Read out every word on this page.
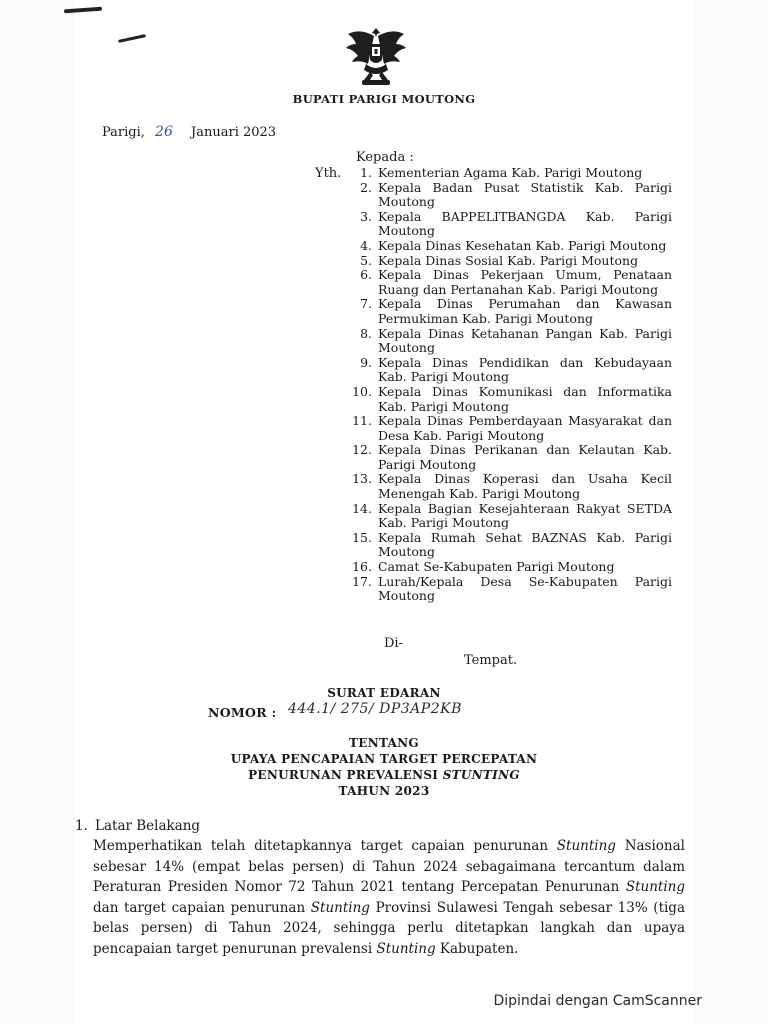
BUPATI PARIGI MOUTONG
Parigi, 26 Januari 2023
Kepada :
Yth.	1. Kementerian Agama Kab. Parigi Moutong
2. Kepala Badan Pusat Statistik Kab. Parigi Moutong
3. Kepala BAPPELITBANGDA Kab. Parigi Moutong
4. Kepala Dinas Kesehatan Kab. Parigi Moutong
5. Kepala Dinas Sosial Kab. Parigi Moutong
6. Kepala Dinas Pekerjaan Umum, Penataan Ruang dan Pertanahan Kab. Parigi Moutong
7. Kepala Dinas Perumahan dan Kawasan Permukiman Kab. Parigi Moutong
8. Kepala Dinas Ketahanan Pangan Kab. Parigi Moutong
9. Kepala Dinas Pendidikan dan Kebudayaan Kab. Parigi Moutong
10. Kepala Dinas Komunikasi dan Informatika Kab. Parigi Moutong
11. Kepala Dinas Pemberdayaan Masyarakat dan Desa Kab. Parigi Moutong
12. Kepala Dinas Perikanan dan Kelautan Kab. Parigi Moutong
13. Kepala Dinas Koperasi dan Usaha Kecil Menengah Kab. Parigi Moutong
14. Kepala Bagian Kesejahteraan Rakyat SETDA Kab. Parigi Moutong
15. Kepala Rumah Sehat BAZNAS Kab. Parigi Moutong
16. Camat Se-Kabupaten Parigi Moutong
17. Lurah/Kepala Desa Se-Kabupaten Parigi Moutong
Di-
Tempat.
SURAT EDARAN
NOMOR : 444.1/ 275/ DP3AP2KB
TENTANG
UPAYA PENCAPAIAN TARGET PERCEPATAN
PENURUNAN PREVALENSI STUNTING
TAHUN 2023
1. Latar Belakang

Memperhatikan telah ditetapkannya target capaian penurunan Stunting Nasional sebesar 14% (empat belas persen) di Tahun 2024 sebagaimana tercantum dalam Peraturan Presiden Nomor 72 Tahun 2021 tentang Percepatan Penurunan Stunting dan target capaian penurunan Stunting Provinsi Sulawesi Tengah sebesar 13% (tiga belas persen) di Tahun 2024, sehingga perlu ditetapkan langkah dan upaya pencapaian target penurunan prevalensi Stunting Kabupaten.

Dipindai dengan CamScanner
